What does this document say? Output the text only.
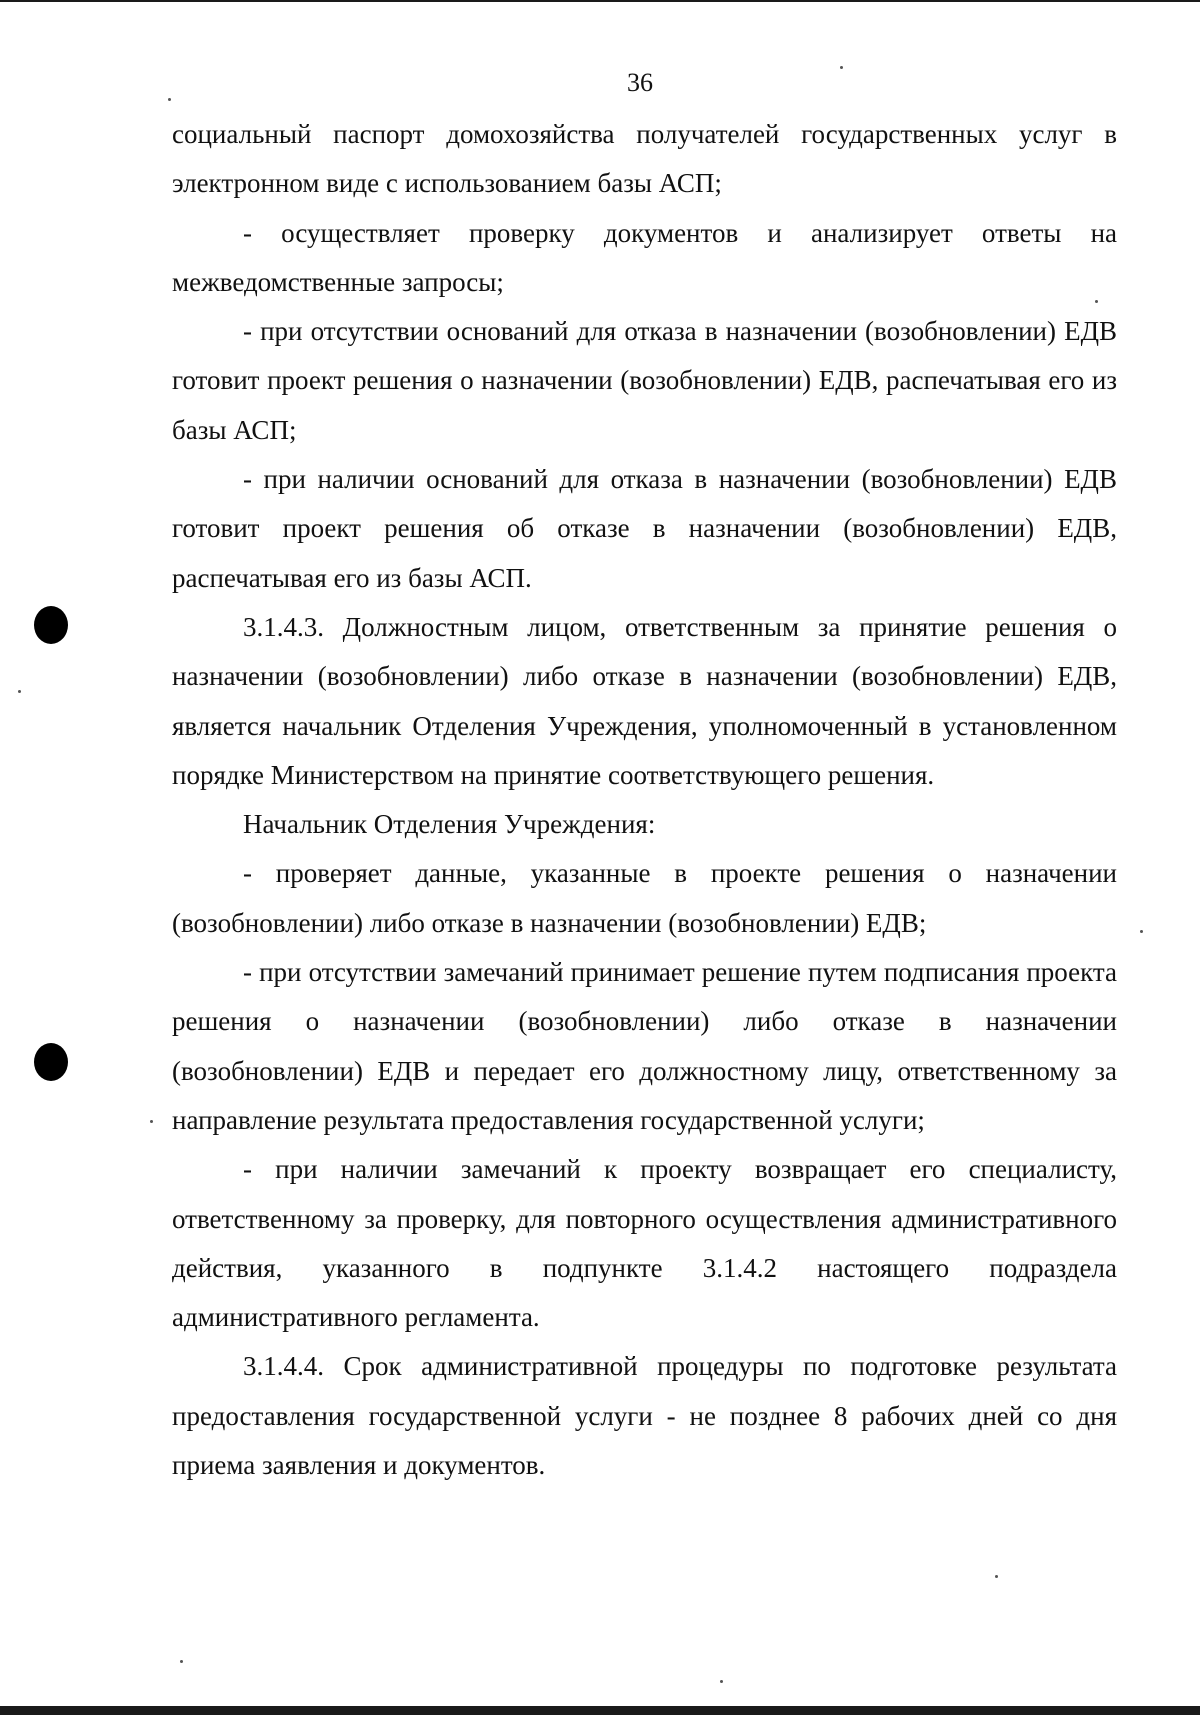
36

социальный паспорт домохозяйства получателей государственных услуг в электронном виде с использованием базы АСП;

- осуществляет проверку документов и анализирует ответы на межведомственные запросы;

- при отсутствии оснований для отказа в назначении (возобновлении) ЕДВ готовит проект решения о назначении (возобновлении) ЕДВ, распечатывая его из базы АСП;

- при наличии оснований для отказа в назначении (возобновлении) ЕДВ готовит проект решения об отказе в назначении (возобновлении) ЕДВ, распечатывая его из базы АСП.

3.1.4.3. Должностным лицом, ответственным за принятие решения о назначении (возобновлении) либо отказе в назначении (возобновлении) ЕДВ, является начальник Отделения Учреждения, уполномоченный в установленном порядке Министерством на принятие соответствующего решения.

Начальник Отделения Учреждения:

- проверяет данные, указанные в проекте решения о назначении (возобновлении) либо отказе в назначении (возобновлении) ЕДВ;

- при отсутствии замечаний принимает решение путем подписания проекта решения о назначении (возобновлении) либо отказе в назначении (возобновлении) ЕДВ и передает его должностному лицу, ответственному за направление результата предоставления государственной услуги;

- при наличии замечаний к проекту возвращает его специалисту, ответственному за проверку, для повторного осуществления административного действия, указанного в подпункте 3.1.4.2 настоящего подраздела административного регламента.

3.1.4.4. Срок административной процедуры по подготовке результата предоставления государственной услуги - не позднее 8 рабочих дней со дня приема заявления и документов.
